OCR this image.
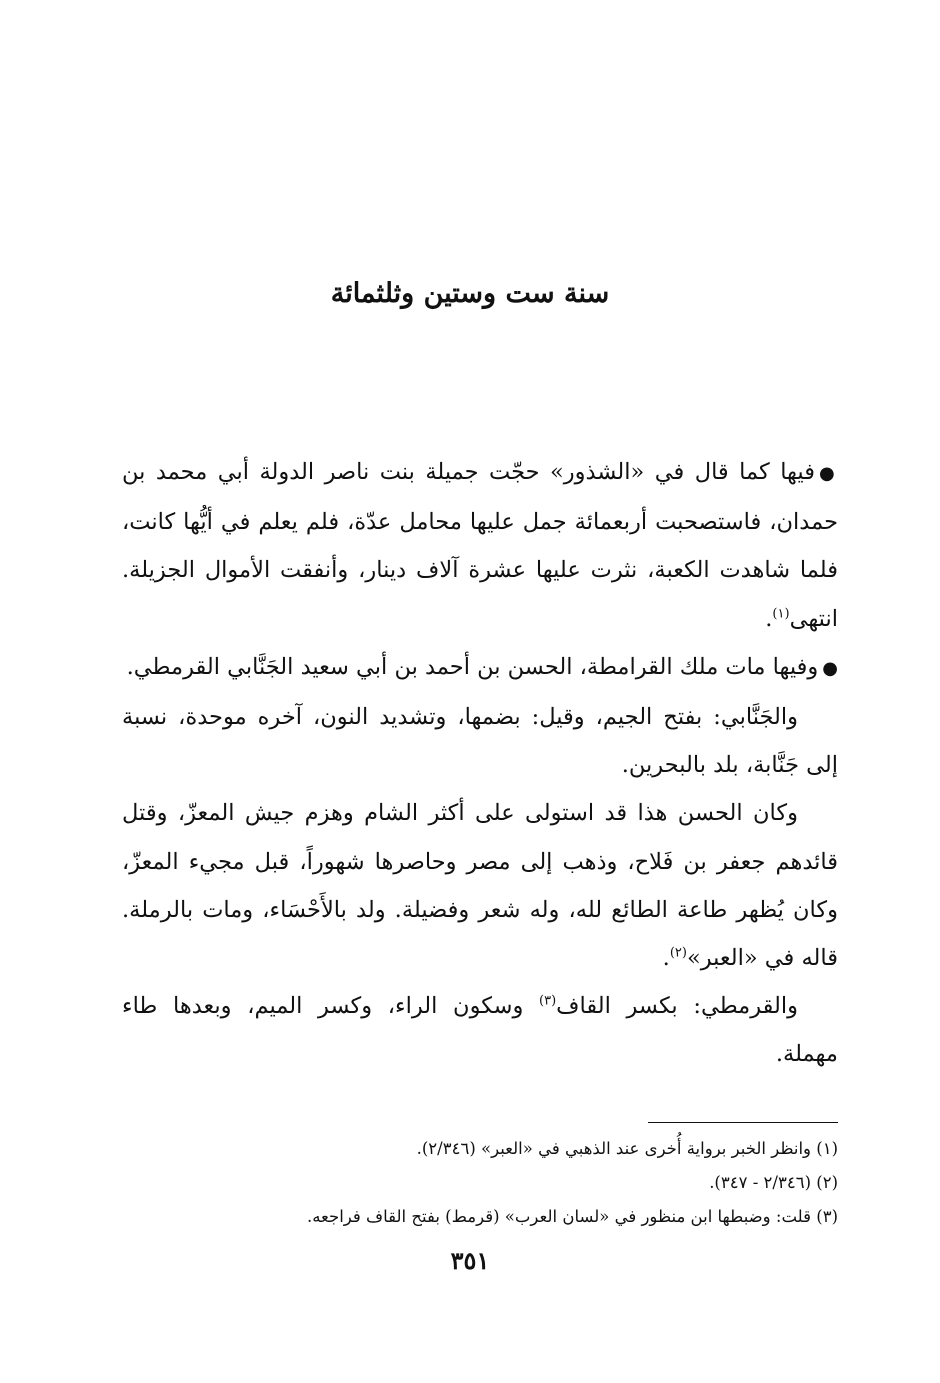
سنة ست وستين وثلثمائة

●فيها كما قال في «الشذور» حجّت جميلة بنت ناصر الدولة أبي محمد بن حمدان، فاستصحبت أربعمائة جمل عليها محامل عدّة، فلم يعلم في أيُّها كانت، فلما شاهدت الكعبة، نثرت عليها عشرة آلاف دينار، وأنفقت الأموال الجزيلة. انتهى$^{(١)}$.

●وفيها مات ملك القرامطة، الحسن بن أحمد بن أبي سعيد الجَنَّابي القرمطي.

والجَنَّابي: بفتح الجيم، وقيل: بضمها، وتشديد النون، آخره موحدة، نسبة إلى جَنَّابة، بلد بالبحرين.

وكان الحسن هذا قد استولى على أكثر الشام وهزم جيش المعزّ، وقتل قائدهم جعفر بن فَلاح، وذهب إلى مصر وحاصرها شهوراً، قبل مجيء المعزّ، وكان يُظهر طاعة الطائع لله، وله شعر وفضيلة. ولد بالأَحْسَاء، ومات بالرملة. قاله في «العبر»$^{(٢)}$.

والقرمطي: بكسر القاف$^{(٣)}$ وسكون الراء، وكسر الميم، وبعدها طاء مهملة.

(١) وانظر الخبر برواية أُخرى عند الذهبي في «العبر» (٢/٣٤٦).

(٢) (٢/٣٤٦ - ٣٤٧).

(٣) قلت: وضبطها ابن منظور في «لسان العرب» (قرمط) بفتح القاف فراجعه.

٣٥١
